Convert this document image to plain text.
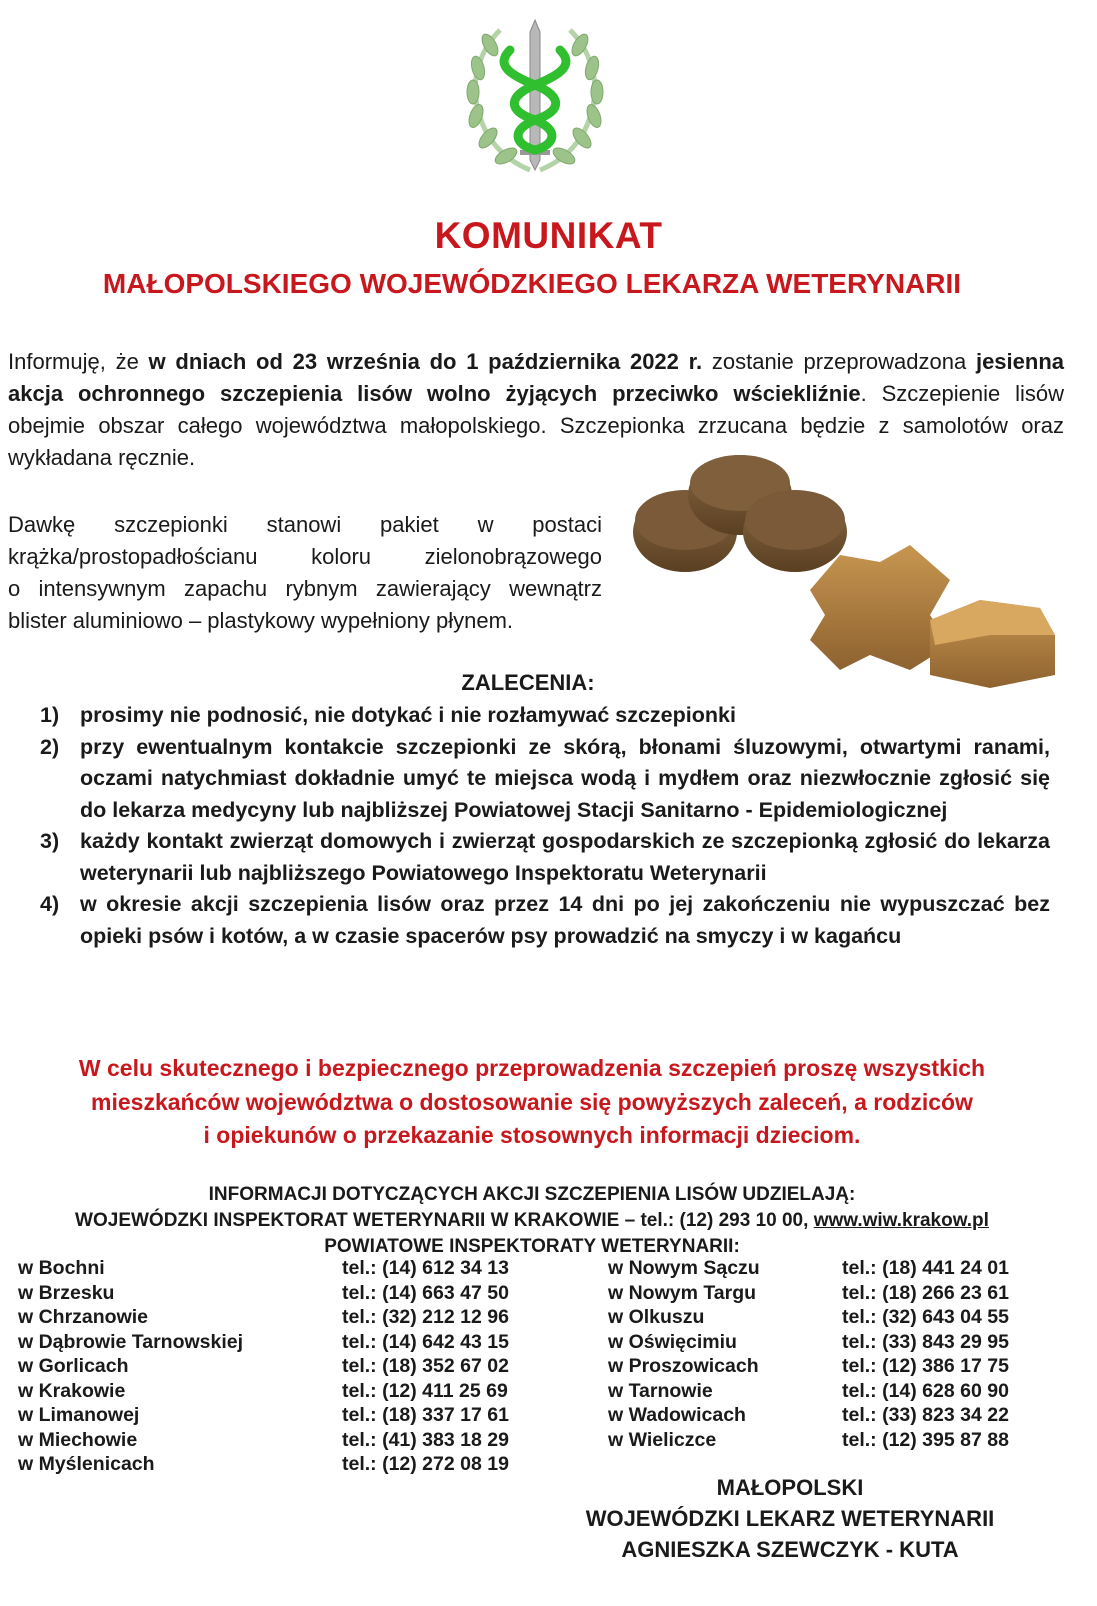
KOMUNIKAT
MAŁOPOLSKIEGO WOJEWÓDZKIEGO LEKARZA WETERYNARII
Informuję, że w dniach od 23 września do 1 października 2022 r. zostanie przeprowadzona jesienna akcja ochronnego szczepienia lisów wolno żyjących przeciwko wściekliźnie. Szczepienie lisów obejmie obszar całego województwa małopolskiego. Szczepionka zrzucana będzie z samolotów oraz wykładana ręcznie.
Dawkę szczepionki stanowi pakiet w postaci
krążka/prostopadłościanu koloru zielonobrązowego
o intensywnym zapachu rybnym zawierający wewnątrz
blister aluminiowo – plastykowy wypełniony płynem.
ZALECENIA:
1) prosimy nie podnosić, nie dotykać i nie rozłamywać szczepionki
2) przy ewentualnym kontakcie szczepionki ze skórą, błonami śluzowymi, otwartymi ranami, oczami natychmiast dokładnie umyć te miejsca wodą i mydłem oraz niezwłocznie zgłosić się do lekarza medycyny lub najbliższej Powiatowej Stacji Sanitarno - Epidemiologicznej
3) każdy kontakt zwierząt domowych i zwierząt gospodarskich ze szczepionką zgłosić do lekarza weterynarii lub najbliższego Powiatowego Inspektoratu Weterynarii
4) w okresie akcji szczepienia lisów oraz przez 14 dni po jej zakończeniu nie wypuszczać bez opieki psów i kotów, a w czasie spacerów psy prowadzić na smyczy i w kagańcu
W celu skutecznego i bezpiecznego przeprowadzenia szczepień proszę wszystkich
mieszkańców województwa o dostosowanie się powyższych zaleceń, a rodziców
i opiekunów o przekazanie stosownych informacji dzieciom.
INFORMACJI DOTYCZĄCYCH AKCJI SZCZEPIENIA LISÓW UDZIELAJĄ:
WOJEWÓDZKI INSPEKTORAT WETERYNARII W KRAKOWIE – tel.: (12) 293 10 00, www.wiw.krakow.pl
POWIATOWE INSPEKTORATY WETERYNARII:
w Bochni	tel.: (14) 612 34 13
w Brzesku	tel.: (14) 663 47 50
w Chrzanowie	tel.: (32) 212 12 96
w Dąbrowie Tarnowskiej	tel.: (14) 642 43 15
w Gorlicach	tel.: (18) 352 67 02
w Krakowie	tel.: (12) 411 25 69
w Limanowej	tel.: (18) 337 17 61
w Miechowie	tel.: (41) 383 18 29
w Myślenicach	tel.: (12) 272 08 19
w Nowym Sączu	tel.: (18) 441 24 01
w Nowym Targu	tel.: (18) 266 23 61
w Olkuszu	tel.: (32) 643 04 55
w Oświęcimiu	tel.: (33) 843 29 95
w Proszowicach	tel.: (12) 386 17 75
w Tarnowie	tel.: (14) 628 60 90
w Wadowicach	tel.: (33) 823 34 22
w Wieliczce	tel.: (12) 395 87 88
MAŁOPOLSKI
WOJEWÓDZKI LEKARZ WETERYNARII
AGNIESZKA SZEWCZYK - KUTA
